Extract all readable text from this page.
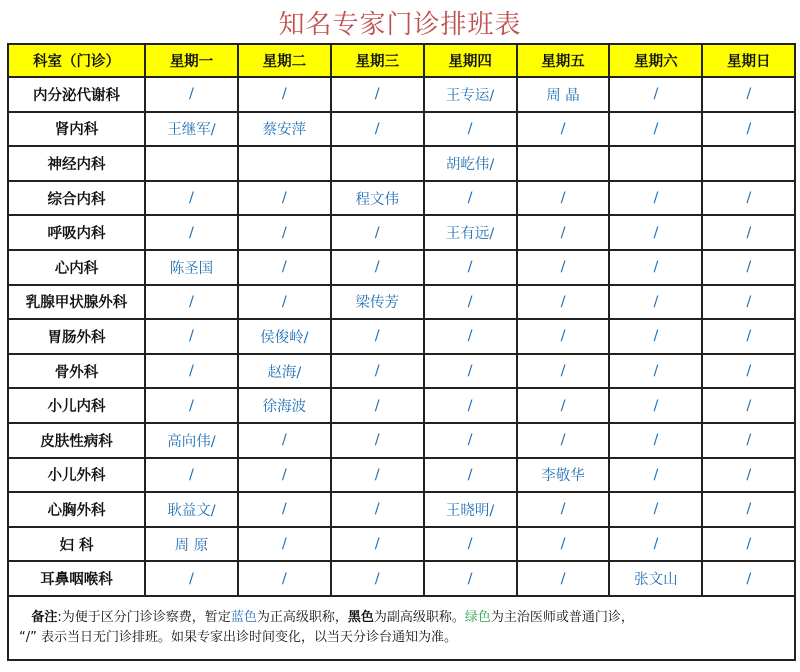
知名专家门诊排班表
科室（门诊）	星期一	星期二	星期三	星期四	星期五	星期六	星期日
内分泌代谢科	/	/	/	王专运/	周 晶	/	/
肾内科	王继军/	蔡安萍	/	/	/	/	/
神经内科				胡屹伟/			
综合内科	/	/	程文伟	/	/	/	/
呼吸内科	/	/	/	王有远/	/	/	/
心内科	陈圣国	/	/	/	/	/	/
乳腺甲状腺外科	/	/	梁传芳	/	/	/	/
胃肠外科	/	侯俊岭/	/	/	/	/	/
骨外科	/	赵海/	/	/	/	/	/
小儿内科	/	徐海波	/	/	/	/	/
皮肤性病科	高向伟/	/	/	/	/	/	/
小儿外科	/	/	/	/	李敬华	/	/
心胸外科	耿益文/	/	/	王晓明/	/	/	/
妇 科	周 原	/	/	/	/	/	/
耳鼻咽喉科	/	/	/	/	/	张文山	/
备注:为便于区分门诊诊察费，暂定蓝色为正高级职称，黑色为副高级职称。绿色为主治医师或普通门诊，
“/” 表示当日无门诊排班。如果专家出诊时间变化，以当天分诊台通知为准。							
